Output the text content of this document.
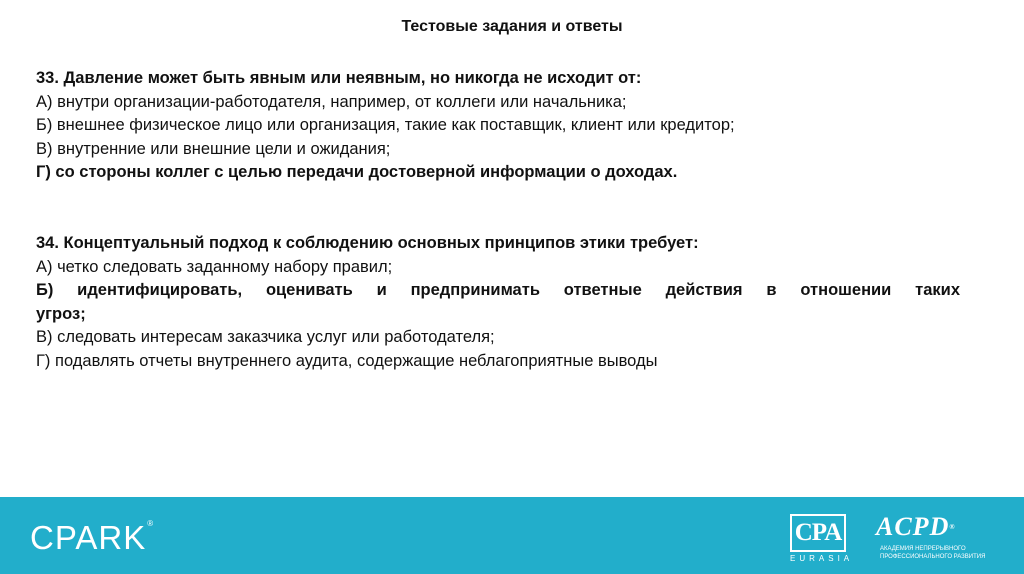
Тестовые задания и ответы
33. Давление может быть явным или неявным, но никогда не исходит от:
А) внутри организации-работодателя, например, от коллеги или начальника;
Б) внешнее физическое лицо или организация, такие как поставщик, клиент или кредитор;
В) внутренние или внешние цели и ожидания;
Г) со стороны коллег с целью передачи достоверной информации о доходах.
34. Концептуальный подход к соблюдению основных принципов этики требует:
А) четко следовать заданному набору правил;
Б) идентифицировать, оценивать и предпринимать ответные действия в отношении таких
угроз;
В) следовать интересам заказчика услуг или работодателя;
Г) подавлять отчеты внутреннего аудита, содержащие неблагоприятные выводы
CPARK®	CPA
EURASIA
ACPD®
АКАДЕМИЯ НЕПРЕРЫВНОГО ПРОФЕССИОНАЛЬНОГО РАЗВИТИЯ
